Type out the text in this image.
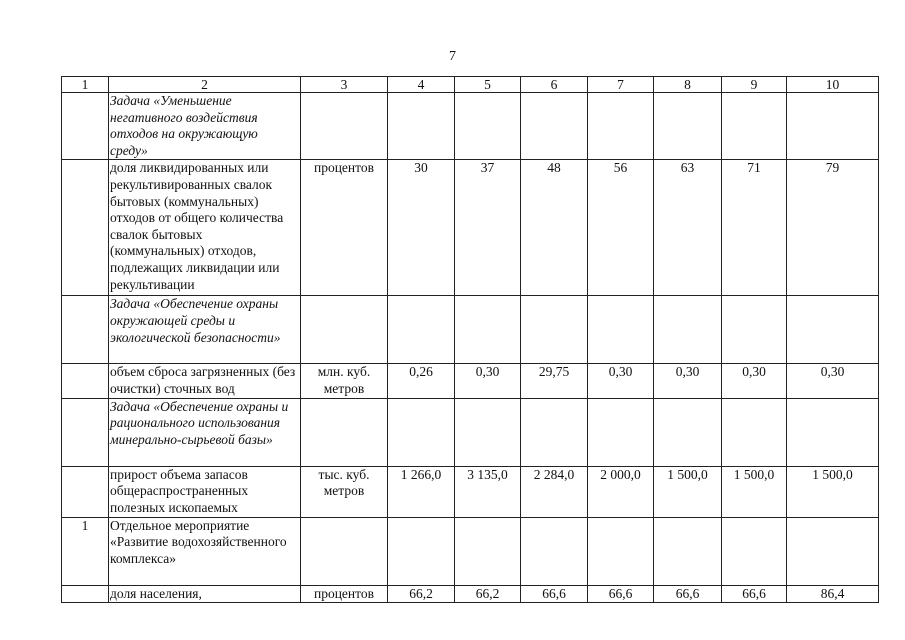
7
1	2	3	4	5	6	7	8	9	10
	Задача «Уменьшение негативного воздействия отходов на окружающую среду»								
	доля ликвидированных или рекультивированных свалок бытовых (коммунальных) отходов от общего количества свалок бытовых (коммунальных) отходов, подлежащих ликвидации или рекультивации	процентов	30	37	48	56	63	71	79
	Задача «Обеспечение охраны окружающей среды и экологической безопасности»								
	объем сброса загрязненных (без очистки) сточных вод	млн. куб. метров	0,26	0,30	29,75	0,30	0,30	0,30	0,30
	Задача «Обеспечение охраны и рационального использования минерально-сырьевой базы»								
	прирост объема запасов общераспространенных полезных ископаемых	тыс. куб. метров	1 266,0	3 135,0	2 284,0	2 000,0	1 500,0	1 500,0	1 500,0
1	Отдельное мероприятие «Развитие водохозяйственного комплекса»								
	доля населения,	процентов	66,2	66,2	66,6	66,6	66,6	66,6	86,4
